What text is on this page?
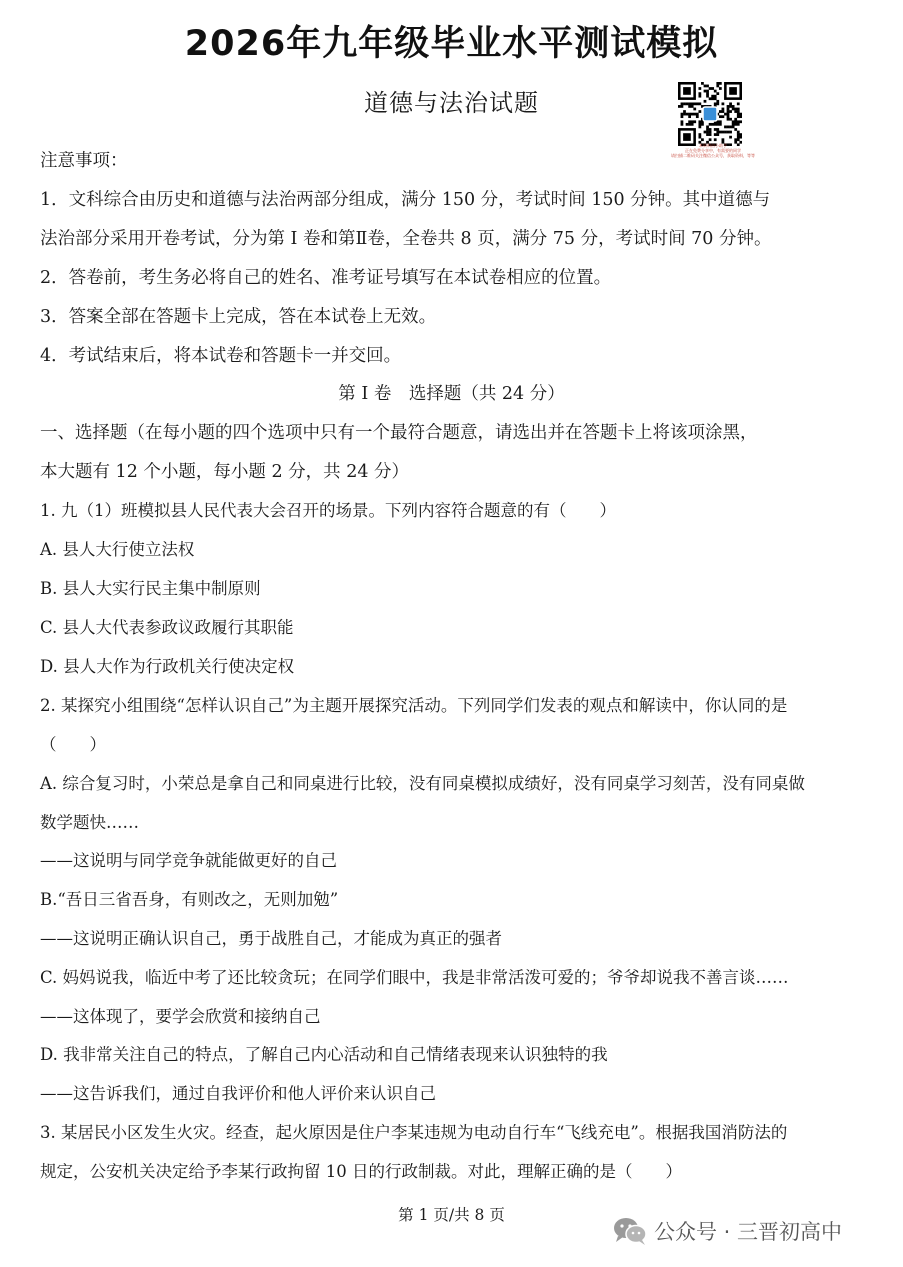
2026年九年级毕业水平测试模拟
道德与法治试题
本资料由小助手
正在免费分享中，有需要的同学
请扫描二维码关注微信公众号，获取资料，等等
注意事项：
1．文科综合由历史和道德与法治两部分组成，满分 150 分，考试时间 150 分钟。其中道德与
法治部分采用开卷考试，分为第 I 卷和第Ⅱ卷，全卷共 8 页，满分 75 分，考试时间 70 分钟。
2．答卷前，考生务必将自己的姓名、准考证号填写在本试卷相应的位置。
3．答案全部在答题卡上完成，答在本试卷上无效。
4．考试结束后，将本试卷和答题卡一并交回。
第 I 卷　选择题（共 24 分）
一、选择题（在每小题的四个选项中只有一个最符合题意，请选出并在答题卡上将该项涂黑，
本大题有 12 个小题，每小题 2 分，共 24 分）
1. 九（1）班模拟县人民代表大会召开的场景。下列内容符合题意的有（　　）
A. 县人大行使立法权
B. 县人大实行民主集中制原则
C. 县人大代表参政议政履行其职能
D. 县人大作为行政机关行使决定权
2. 某探究小组围绕“怎样认识自己”为主题开展探究活动。下列同学们发表的观点和解读中，你认同的是
（　　）
A. 综合复习时，小荣总是拿自己和同桌进行比较，没有同桌模拟成绩好，没有同桌学习刻苦，没有同桌做
数学题快……
——这说明与同学竞争就能做更好的自己
B.“吾日三省吾身，有则改之，无则加勉”
——这说明正确认识自己，勇于战胜自己，才能成为真正的强者
C. 妈妈说我，临近中考了还比较贪玩；在同学们眼中，我是非常活泼可爱的；爷爷却说我不善言谈……
——这体现了，要学会欣赏和接纳自己
D. 我非常关注自己的特点，了解自己内心活动和自己情绪表现来认识独特的我
——这告诉我们，通过自我评价和他人评价来认识自己
3. 某居民小区发生火灾。经查，起火原因是住户李某违规为电动自行车“飞线充电”。根据我国消防法的
规定，公安机关决定给予李某行政拘留 10 日的行政制裁。对此，理解正确的是（　　）
第 1 页/共 8 页
公众号 · 三晋初高中
